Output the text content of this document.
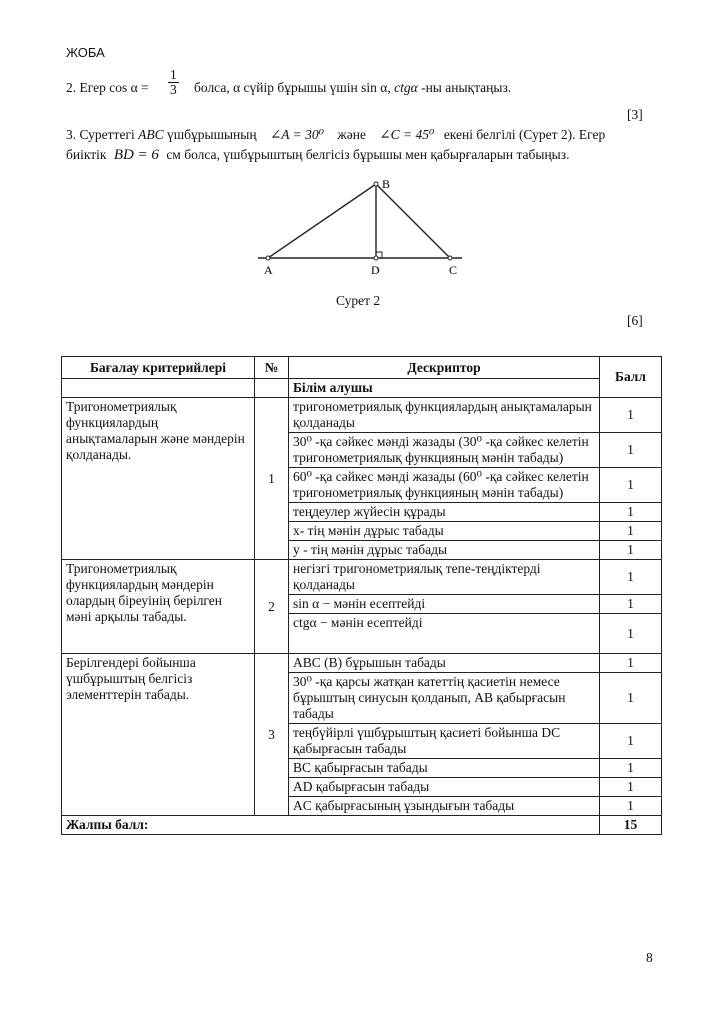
ЖОБА
2. Егер $\cos \alpha = \frac{1}{3}$ болса, α сүйір бұрышы үшін sin α, ctgα -ны анықтаңыз.
[3]
3. Суреттегі ABC үшбұрышының ∠A = 30⁰ және ∠C = 45⁰ екені белгілі (Сурет 2). Егер
биіктік BD = 6 см болса, үшбұрыштың белгісіз бұрышы мен қабырғаларын табыңыз.
A
B
C
D
Сурет 2
[6]
Бағалау критерийлері	№	Дескриптор	Балл
		Білім алушы	
Тригонометриялық функциялардың анықтамаларын және мәндерін қолданады.	1	тригонометриялық функциялардың анықтамаларын қолданады	1
		30⁰ -қа сәйкес мәнді жазады (30⁰ -қа сәйкес келетін тригонометриялық функцияның мәнін табады)	1
		60⁰ -қа сәйкес мәнді жазады (60⁰ -қа сәйкес келетін тригонометриялық функцияның мәнін табады)	1
		теңдеулер жүйесін құрады	1
		x- тің мәнін дұрыс табады	1
		y - тің мәнін дұрыс табады	1
Тригонометриялық функциялардың мәндерін олардың біреуінің берілген мәні арқылы табады.	2	негізгі тригонометриялық тепе-теңдіктерді қолданады	1
		sin α − мәнін есептейді	1
		ctgα − мәнін есептейді	1
Берілгендері бойынша үшбұрыштың белгісіз элементтерін табады.	3	ABC (B) бұрышын табады	1
		30⁰ -қа қарсы жатқан катеттің қасиетін немесе бұрыштың синусын қолданып, AB қабырғасын табады	1
		теңбүйірлі үшбұрыштың қасиеті бойынша DC қабырғасын табады	1
		BC қабырғасын табады	1
		AD қабырғасын табады	1
		AC қабырғасының ұзындығын табады	1
Жалпы балл:			15
8
